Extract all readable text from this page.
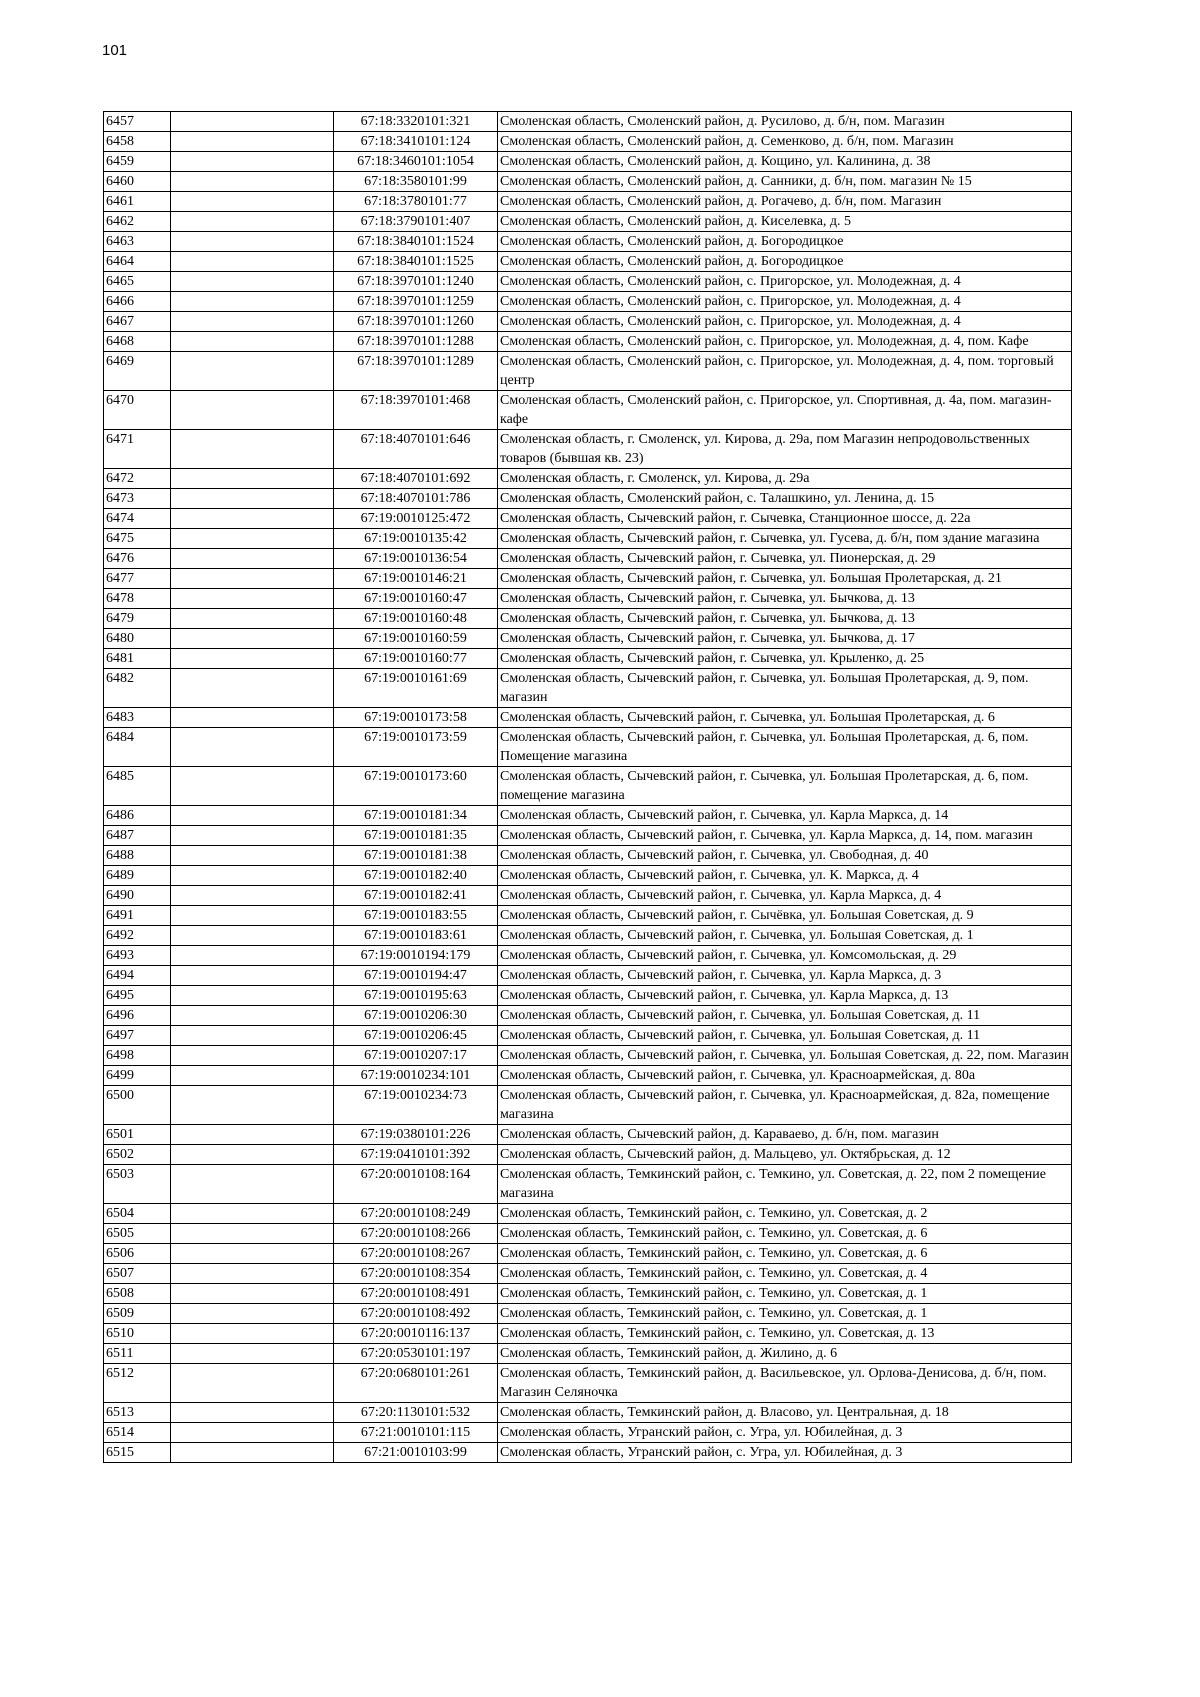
101
6457		67:18:3320101:321	Смоленская область, Смоленский район, д. Русилово, д. б/н, пом. Магазин
6458		67:18:3410101:124	Смоленская область, Смоленский район, д. Семенково, д. б/н, пом. Магазин
6459		67:18:3460101:1054	Смоленская область, Смоленский район, д. Кощино, ул. Калинина, д. 38
6460		67:18:3580101:99	Смоленская область, Смоленский район, д. Санники, д. б/н, пом. магазин № 15
6461		67:18:3780101:77	Смоленская область, Смоленский район, д. Рогачево, д. б/н, пом. Магазин
6462		67:18:3790101:407	Смоленская область, Смоленский район, д. Киселевка, д. 5
6463		67:18:3840101:1524	Смоленская область, Смоленский район, д. Богородицкое
6464		67:18:3840101:1525	Смоленская область, Смоленский район, д. Богородицкое
6465		67:18:3970101:1240	Смоленская область, Смоленский район, с. Пригорское, ул. Молодежная, д. 4
6466		67:18:3970101:1259	Смоленская область, Смоленский район, с. Пригорское, ул. Молодежная, д. 4
6467		67:18:3970101:1260	Смоленская область, Смоленский район, с. Пригорское, ул. Молодежная, д. 4
6468		67:18:3970101:1288	Смоленская область, Смоленский район, с. Пригорское, ул. Молодежная, д. 4, пом. Кафе
6469		67:18:3970101:1289	Смоленская область, Смоленский район, с. Пригорское, ул. Молодежная, д. 4, пом. торговый центр
6470		67:18:3970101:468	Смоленская область, Смоленский район, с. Пригорское, ул. Спортивная, д. 4а, пом. магазин-кафе
6471		67:18:4070101:646	Смоленская область, г. Смоленск, ул. Кирова, д. 29а, пом Магазин непродовольственных товаров (бывшая кв. 23)
6472		67:18:4070101:692	Смоленская область, г. Смоленск, ул. Кирова, д. 29а
6473		67:18:4070101:786	Смоленская область, Смоленский район, с. Талашкино, ул. Ленина, д. 15
6474		67:19:0010125:472	Смоленская область, Сычевский район, г. Сычевка, Станционное шоссе, д. 22а
6475		67:19:0010135:42	Смоленская область, Сычевский район, г. Сычевка, ул. Гусева, д. б/н, пом здание магазина
6476		67:19:0010136:54	Смоленская область, Сычевский район, г. Сычевка, ул. Пионерская, д. 29
6477		67:19:0010146:21	Смоленская область, Сычевский район, г. Сычевка, ул. Большая Пролетарская, д. 21
6478		67:19:0010160:47	Смоленская область, Сычевский район, г. Сычевка, ул. Бычкова, д. 13
6479		67:19:0010160:48	Смоленская область, Сычевский район, г. Сычевка, ул. Бычкова, д. 13
6480		67:19:0010160:59	Смоленская область, Сычевский район, г. Сычевка, ул. Бычкова, д. 17
6481		67:19:0010160:77	Смоленская область, Сычевский район, г. Сычевка, ул. Крыленко, д. 25
6482		67:19:0010161:69	Смоленская область, Сычевский район, г. Сычевка, ул. Большая Пролетарская, д. 9, пом. магазин
6483		67:19:0010173:58	Смоленская область, Сычевский район, г. Сычевка, ул. Большая Пролетарская, д. 6
6484		67:19:0010173:59	Смоленская область, Сычевский район, г. Сычевка, ул. Большая Пролетарская, д. 6, пом. Помещение магазина
6485		67:19:0010173:60	Смоленская область, Сычевский район, г. Сычевка, ул. Большая Пролетарская, д. 6, пом. помещение магазина
6486		67:19:0010181:34	Смоленская область, Сычевский район, г. Сычевка, ул. Карла Маркса, д. 14
6487		67:19:0010181:35	Смоленская область, Сычевский район, г. Сычевка, ул. Карла Маркса, д. 14, пом. магазин
6488		67:19:0010181:38	Смоленская область, Сычевский район, г. Сычевка, ул. Свободная, д. 40
6489		67:19:0010182:40	Смоленская область, Сычевский район, г. Сычевка, ул. К. Маркса, д. 4
6490		67:19:0010182:41	Смоленская область, Сычевский район, г. Сычевка, ул. Карла Маркса, д. 4
6491		67:19:0010183:55	Смоленская область, Сычевский район, г. Сычёвка, ул. Большая Советская, д. 9
6492		67:19:0010183:61	Смоленская область, Сычевский район, г. Сычевка, ул. Большая Советская, д. 1
6493		67:19:0010194:179	Смоленская область, Сычевский район, г. Сычевка, ул. Комсомольская, д. 29
6494		67:19:0010194:47	Смоленская область, Сычевский район, г. Сычевка, ул. Карла Маркса, д. 3
6495		67:19:0010195:63	Смоленская область, Сычевский район, г. Сычевка, ул. Карла Маркса, д. 13
6496		67:19:0010206:30	Смоленская область, Сычевский район, г. Сычевка, ул. Большая Советская, д. 11
6497		67:19:0010206:45	Смоленская область, Сычевский район, г. Сычевка, ул. Большая Советская, д. 11
6498		67:19:0010207:17	Смоленская область, Сычевский район, г. Сычевка, ул. Большая Советская, д. 22, пом. Магазин
6499		67:19:0010234:101	Смоленская область, Сычевский район, г. Сычевка, ул. Красноармейская, д. 80а
6500		67:19:0010234:73	Смоленская область, Сычевский район, г. Сычевка, ул. Красноармейская, д. 82а, помещение магазина
6501		67:19:0380101:226	Смоленская область, Сычевский район, д. Караваево, д. б/н, пом. магазин
6502		67:19:0410101:392	Смоленская область, Сычевский район, д. Мальцево, ул. Октябрьская, д. 12
6503		67:20:0010108:164	Смоленская область, Темкинский район, с. Темкино, ул. Советская, д. 22, пом 2 помещение магазина
6504		67:20:0010108:249	Смоленская область, Темкинский район, с. Темкино, ул. Советская, д. 2
6505		67:20:0010108:266	Смоленская область, Темкинский район, с. Темкино, ул. Советская, д. 6
6506		67:20:0010108:267	Смоленская область, Темкинский район, с. Темкино, ул. Советская, д. 6
6507		67:20:0010108:354	Смоленская область, Темкинский район, с. Темкино, ул. Советская, д. 4
6508		67:20:0010108:491	Смоленская область, Темкинский район, с. Темкино, ул. Советская, д. 1
6509		67:20:0010108:492	Смоленская область, Темкинский район, с. Темкино, ул. Советская, д. 1
6510		67:20:0010116:137	Смоленская область, Темкинский район, с. Темкино, ул. Советская, д. 13
6511		67:20:0530101:197	Смоленская область, Темкинский район, д. Жилино, д. 6
6512		67:20:0680101:261	Смоленская область, Темкинский район, д. Васильевское, ул. Орлова-Денисова, д. б/н, пом. Магазин Селяночка
6513		67:20:1130101:532	Смоленская область, Темкинский район, д. Власово, ул. Центральная, д. 18
6514		67:21:0010101:115	Смоленская область, Угранский район, с. Угра, ул. Юбилейная, д. 3
6515		67:21:0010103:99	Смоленская область, Угранский район, с. Угра, ул. Юбилейная, д. 3
